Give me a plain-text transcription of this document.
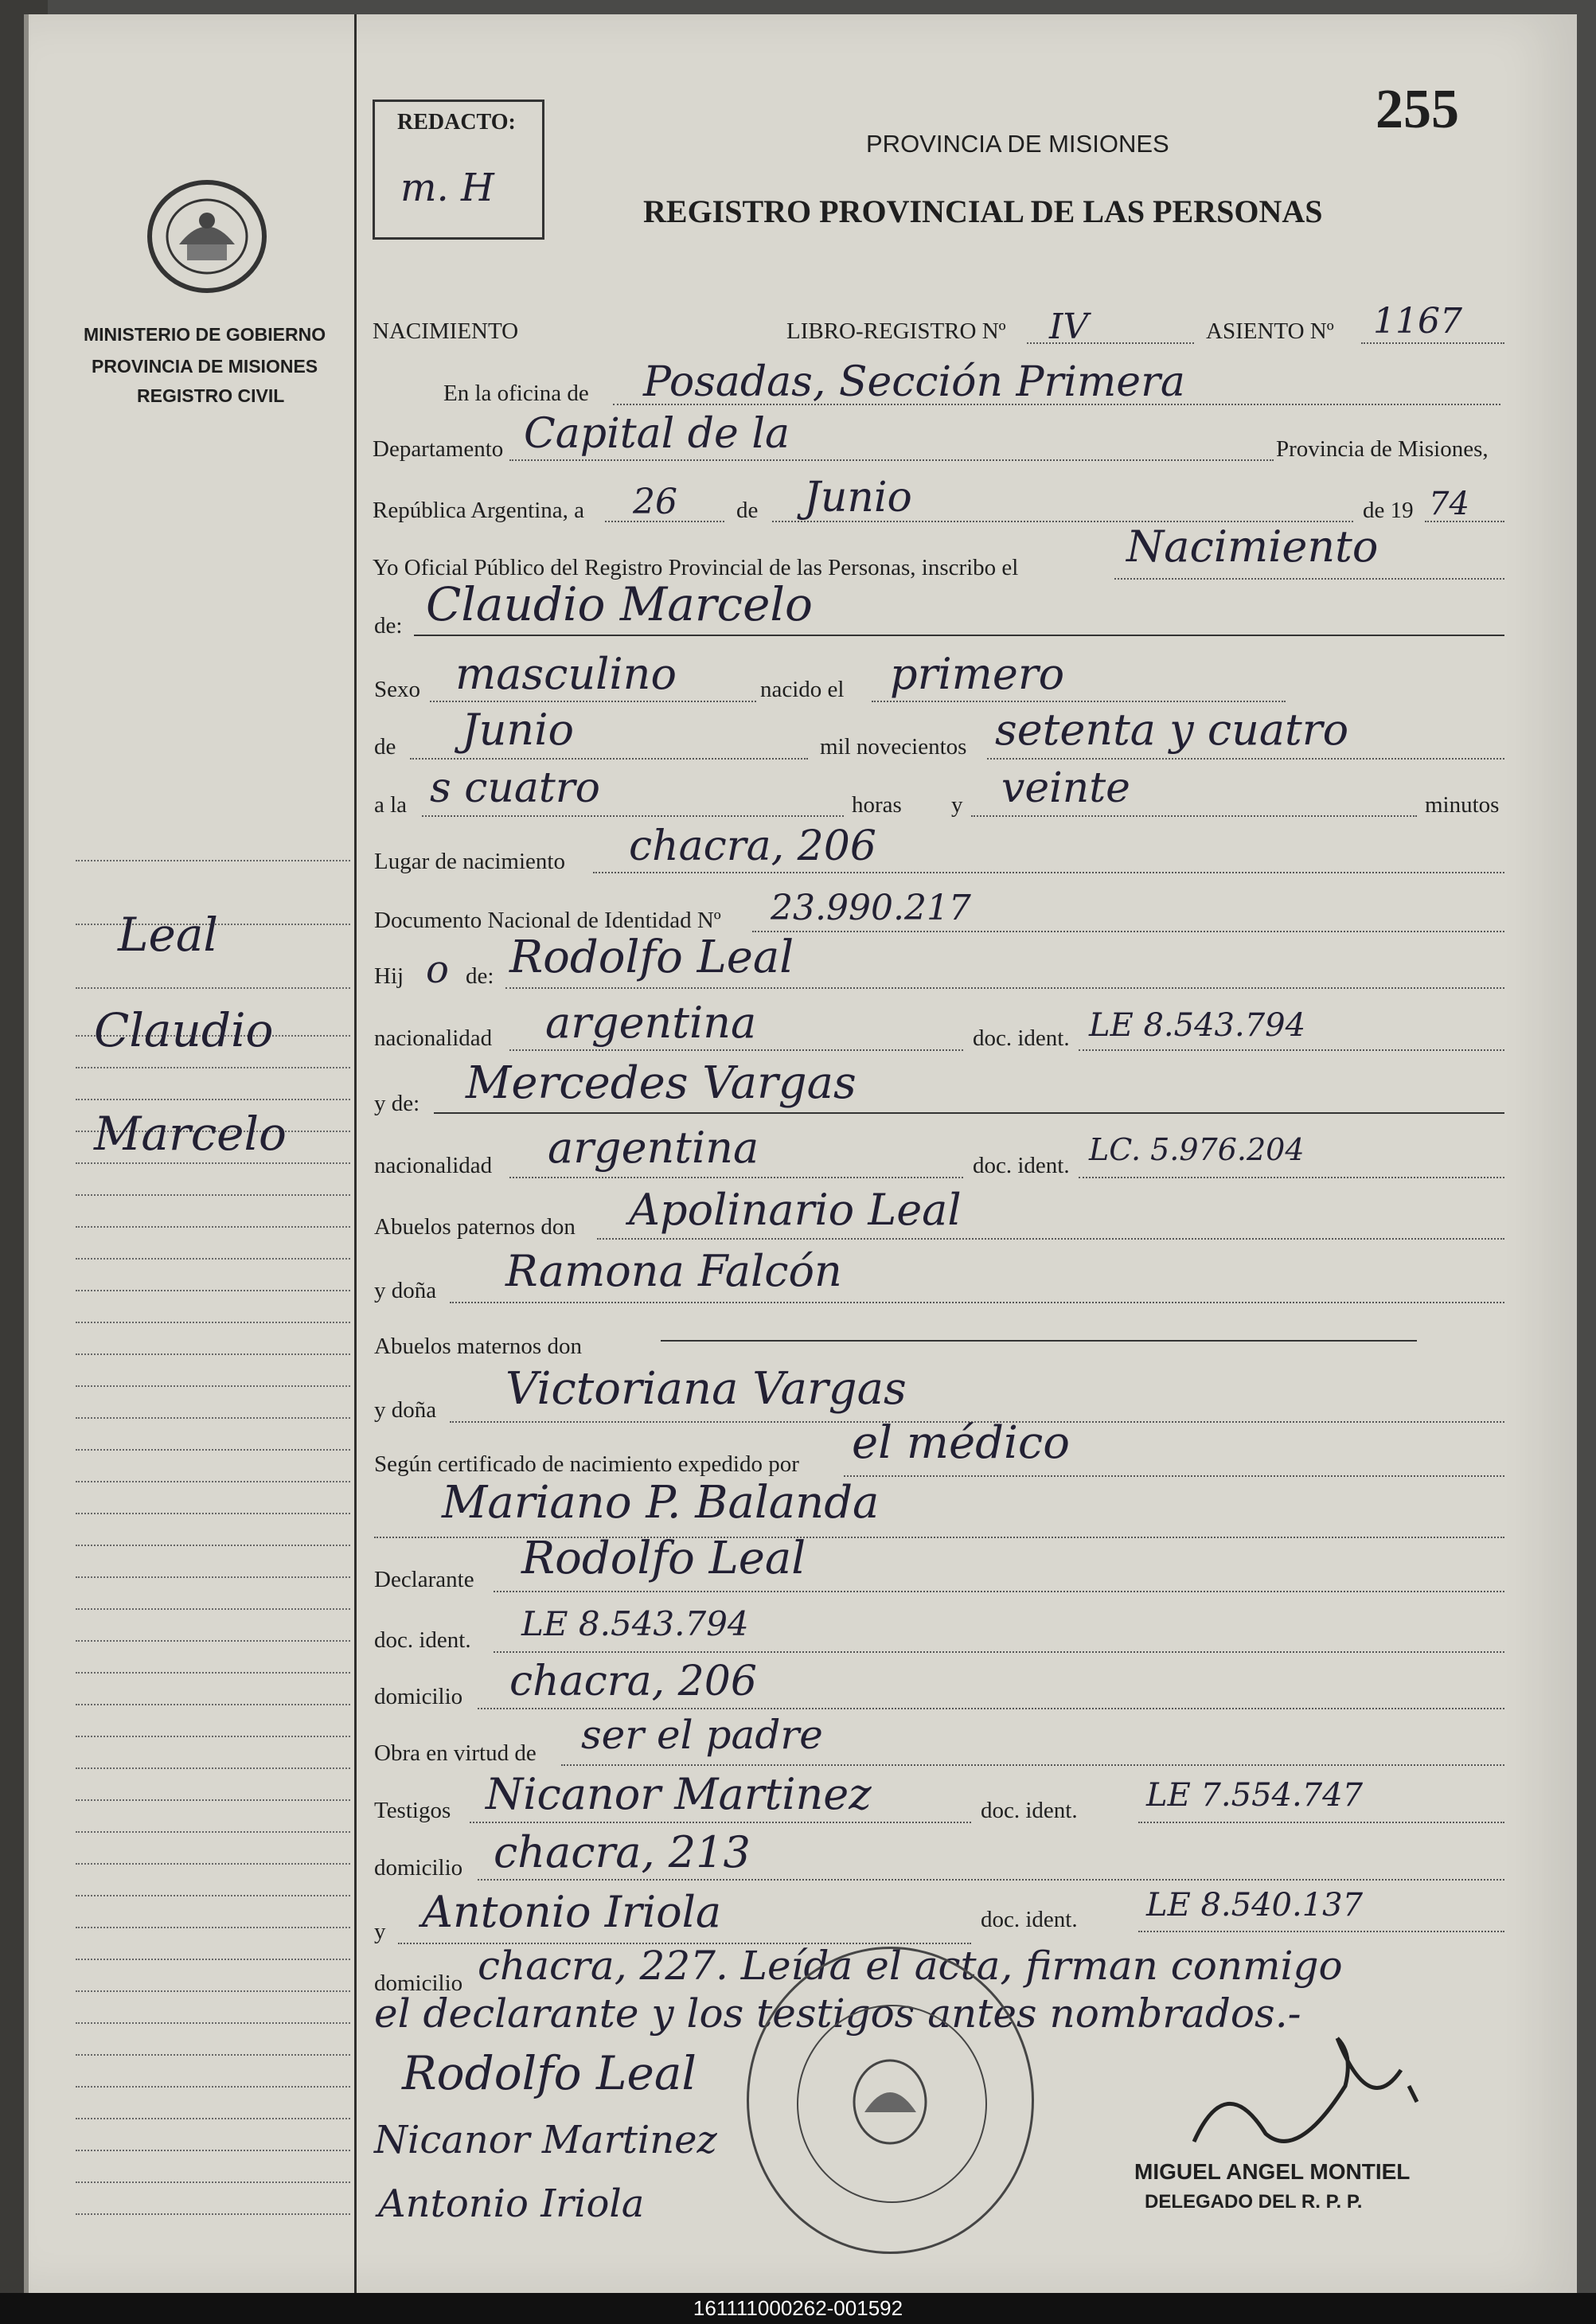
MINISTERIO DE GOBIERNO
PROVINCIA DE MISIONES
REGISTRO CIVIL
Leal
Claudio
Marcelo
REDACTO:
m. H
255
PROVINCIA DE MISIONES
REGISTRO PROVINCIAL DE LAS PERSONAS
NACIMIENTO	LIBRO-REGISTRO Nº IV	ASIENTO Nº 1167
En la oficina de Posadas, Sección Primera
Departamento Capital de la	Provincia de Misiones,
República Argentina, a 26	de Junio	de 19 74
Yo Oficial Público del Registro Provincial de las Personas, inscribo el	Nacimiento
de: Claudio Marcelo
Sexo masculino	nacido el primero
de Junio	mil novecientos setenta y cuatro
a la s cuatro	horas y veinte	minutos
Lugar de nacimiento chacra, 206
Documento Nacional de Identidad Nº 23.990.217
Hij o de: Rodolfo Leal
nacionalidad argentina	doc. ident. LE 8.543.794
y de: Mercedes Vargas
nacionalidad argentina	doc. ident. LC. 5.976.204
Abuelos paternos don Apolinario Leal
y doña Ramona Falcón
Abuelos maternos don
y doña Victoriana Vargas
Según certificado de nacimiento expedido por el médico
Mariano P. Balanda
Declarante Rodolfo Leal
doc. ident. LE 8.543.794
domicilio chacra, 206
Obra en virtud de ser el padre
Testigos Nicanor Martinez	doc. ident. LE 7.554.747
domicilio chacra, 213
y Antonio Iriola	doc. ident. LE 8.540.137
domicilio chacra, 227. Leída el acta, firman conmigo
el declarante y los testigos antes nombrados.-
Rodolfo Leal
Nicanor Martinez
Antonio Iriola
MIGUEL ANGEL MONTIEL
DELEGADO DEL R. P. P.
161111000262-001592
